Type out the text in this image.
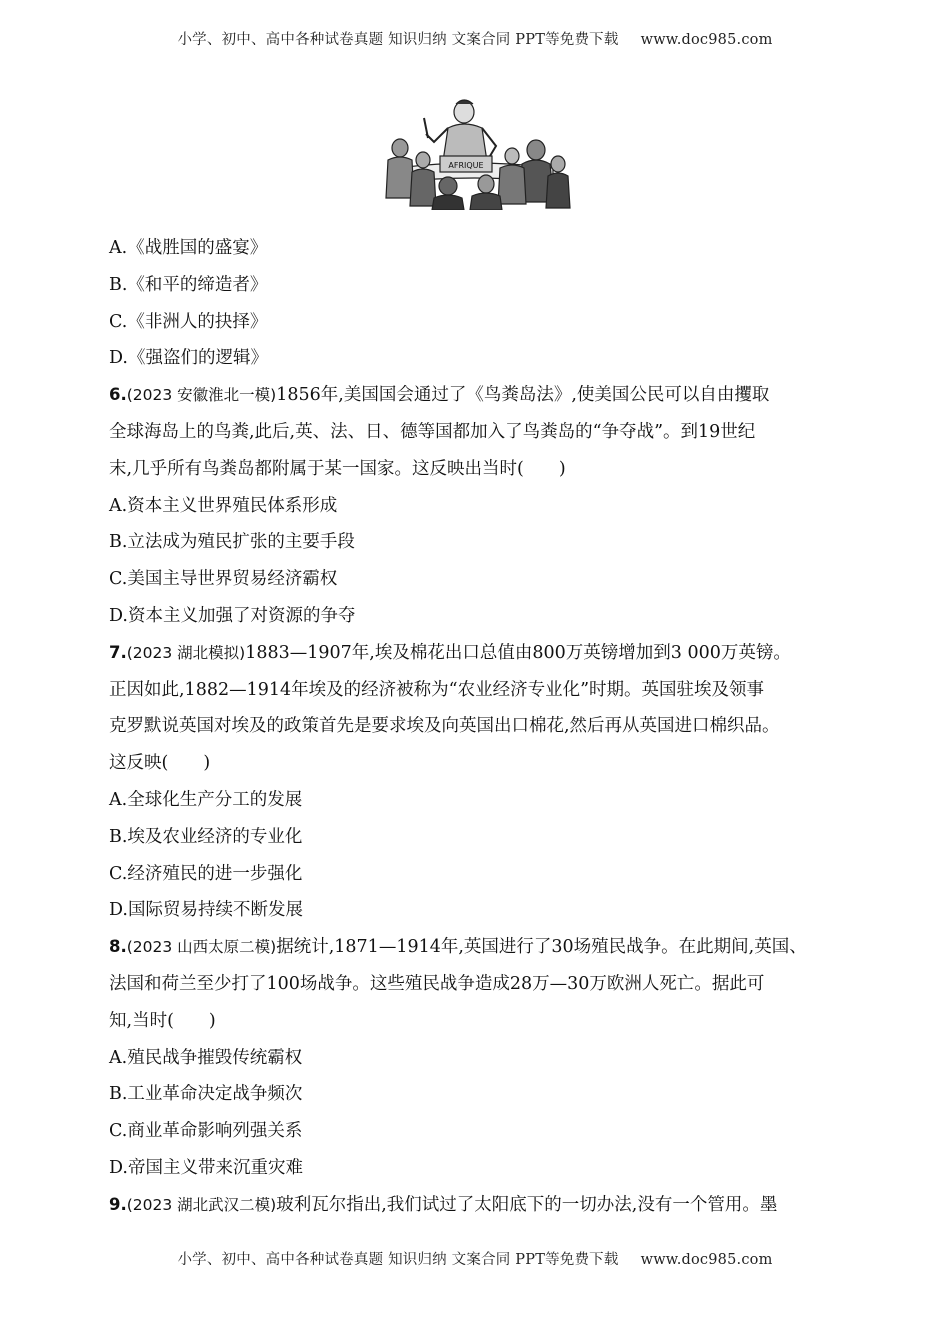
小学、初中、高中各种试卷真题 知识归纳 文案合同 PPT等免费下载 www.doc985.com
AFRIQUE
A.《战胜国的盛宴》
B.《和平的缔造者》
C.《非洲人的抉择》
D.《强盗们的逻辑》
6.(2023 安徽淮北一模)1856年,美国国会通过了《鸟粪岛法》,使美国公民可以自由攫取
全球海岛上的鸟粪,此后,英、法、日、德等国都加入了鸟粪岛的“争夺战”。到19世纪
末,几乎所有鸟粪岛都附属于某一国家。这反映出当时(　　)
A.资本主义世界殖民体系形成
B.立法成为殖民扩张的主要手段
C.美国主导世界贸易经济霸权
D.资本主义加强了对资源的争夺
7.(2023 湖北模拟)1883—1907年,埃及棉花出口总值由800万英镑增加到3 000万英镑。
正因如此,1882—1914年埃及的经济被称为“农业经济专业化”时期。英国驻埃及领事
克罗默说英国对埃及的政策首先是要求埃及向英国出口棉花,然后再从英国进口棉织品。
这反映(　　)
A.全球化生产分工的发展
B.埃及农业经济的专业化
C.经济殖民的进一步强化
D.国际贸易持续不断发展
8.(2023 山西太原二模)据统计,1871—1914年,英国进行了30场殖民战争。在此期间,英国、
法国和荷兰至少打了100场战争。这些殖民战争造成28万—30万欧洲人死亡。据此可
知,当时(　　)
A.殖民战争摧毁传统霸权
B.工业革命决定战争频次
C.商业革命影响列强关系
D.帝国主义带来沉重灾难
9.(2023 湖北武汉二模)玻利瓦尔指出,我们试过了太阳底下的一切办法,没有一个管用。墨
小学、初中、高中各种试卷真题 知识归纳 文案合同 PPT等免费下载 www.doc985.com
